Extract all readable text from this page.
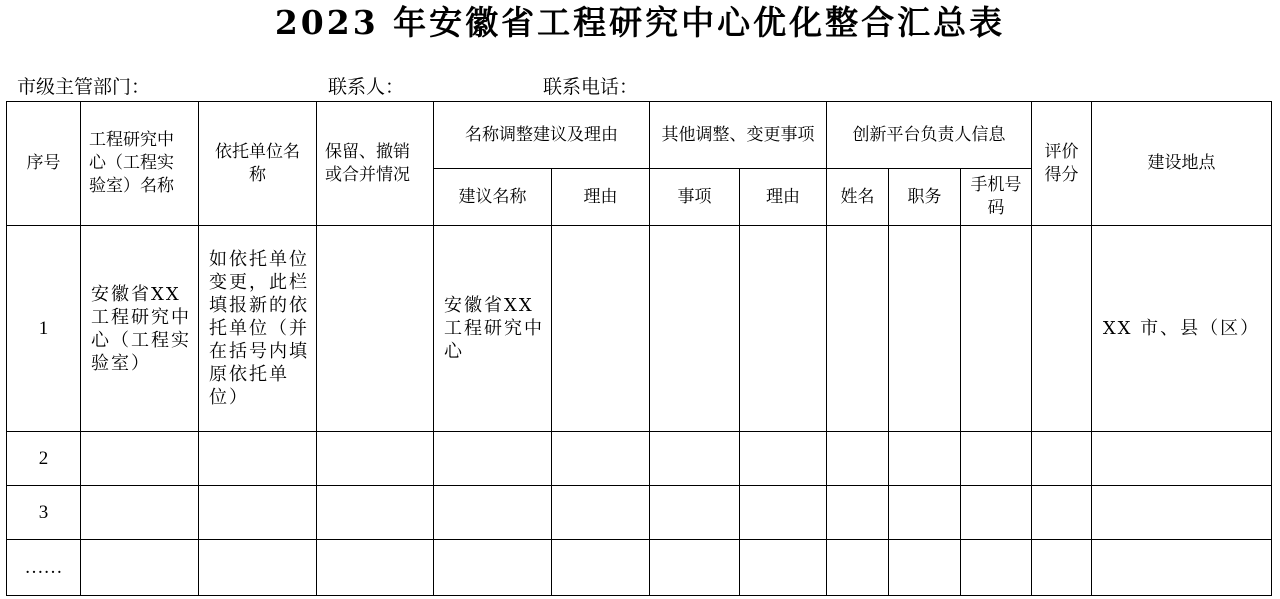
2023 年安徽省工程研究中心优化整合汇总表
市级主管部门：	联系人：	联系电话：
序号	工程研究中心（工程实验室）名称	依托单位名称	保留、撤销或合并情况	名称调整建议及理由		其他调整、变更事项		创新平台负责人信息			评价得分	建设地点
				建议名称	理由	事项	理由	姓名	职务	手机号码		
1	安徽省XX工程研究中心（工程实验室）	如依托单位变更，此栏填报新的依托单位（并在括号内填原依托单位）		安徽省XX工程研究中心								XX 市、县（区）
2												
3												
……												
